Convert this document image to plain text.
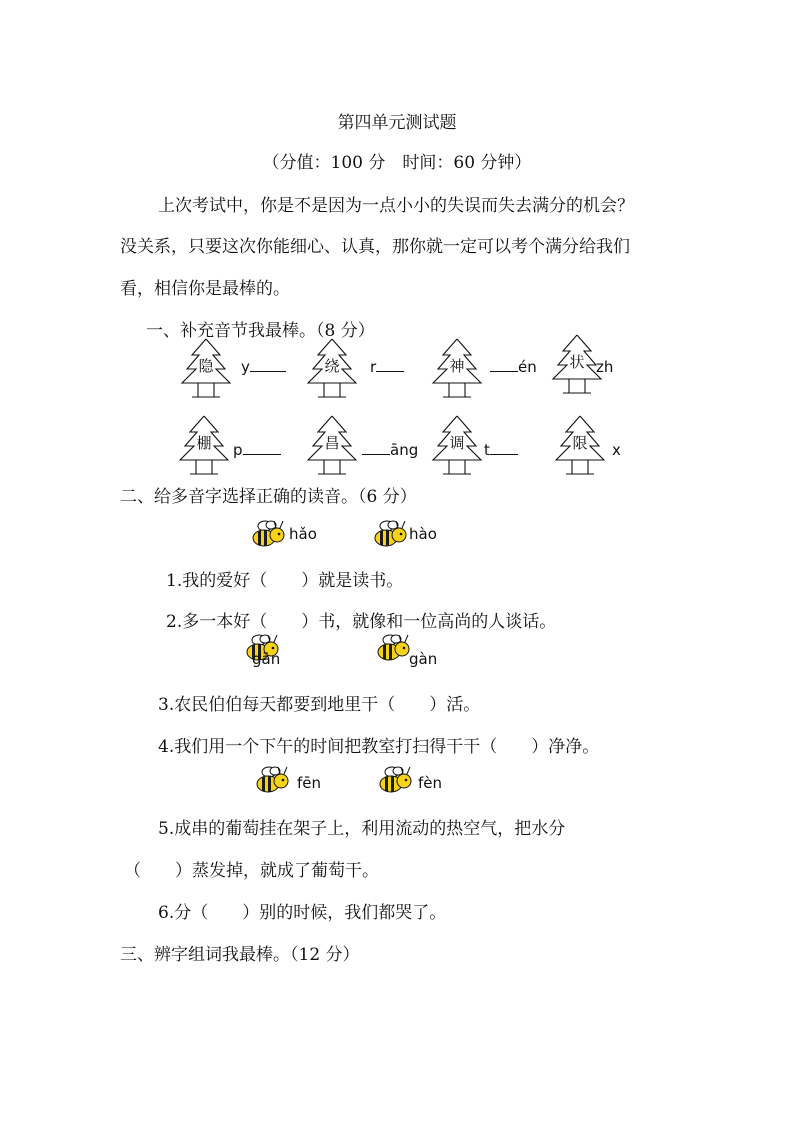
第四单元测试题
（分值：100 分　时间：60 分钟）
上次考试中，你是不是因为一点小小的失误而失去满分的机会？
没关系，只要这次你能细心、认真，那你就一定可以考个满分给我们
看，相信你是最棒的。
一、补充音节我最棒。（8 分）
隐	y	绕	r	神	én	状 zh
棚	p	昌	āng	调	t	限	x
二、给多音字选择正确的读音。（6 分）
hǎo	hào
1.我的爱好（　　）就是读书。
2.多一本好（　　）书，就像和一位高尚的人谈话。
gān	gàn
3.农民伯伯每天都要到地里干（　　）活。
4.我们用一个下午的时间把教室打扫得干干（　　）净净。
fēn	fèn
5.成串的葡萄挂在架子上，利用流动的热空气，把水分
（　　）蒸发掉，就成了葡萄干。
6.分（　　）别的时候，我们都哭了。
三、辨字组词我最棒。（12 分）
